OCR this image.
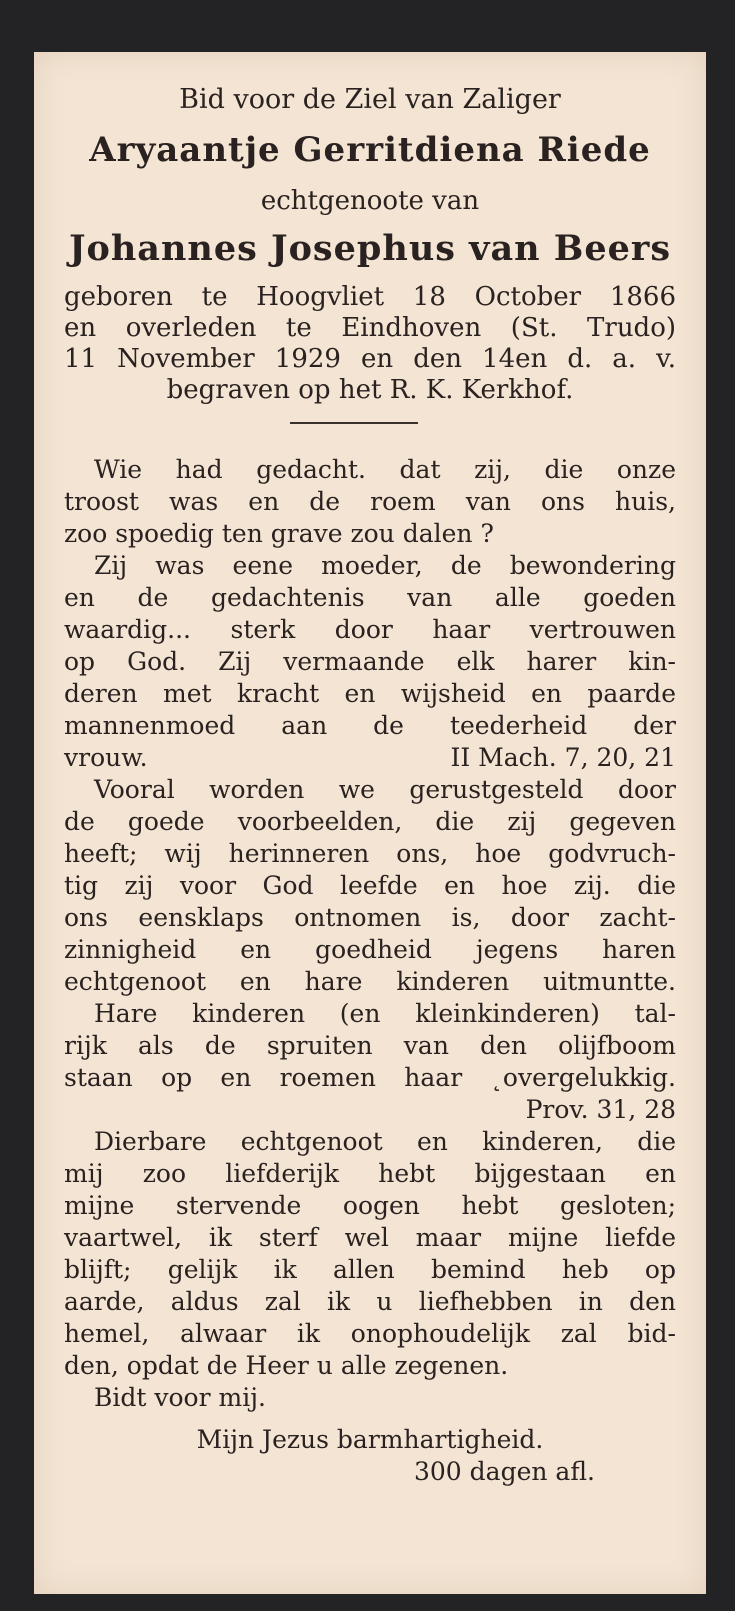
Bid voor de Ziel van Zaliger
Aryaantje Gerritdiena Riede
echtgenoote van
Johannes Josephus van Beers
geboren te Hoogvliet 18 October 1866
en overleden te Eindhoven (St. Trudo)
11 November 1929 en den 14en d. a. v.
begraven op het R. K. Kerkhof.
Wie had gedacht. dat zij, die onze
troost was en de roem van ons huis,
zoo spoedig ten grave zou dalen ?
Zij was eene moeder, de bewondering
en de gedachtenis van alle goeden
waardig... sterk door haar vertrouwen
op God. Zij vermaande elk harer kin-
deren met kracht en wijsheid en paarde
mannenmoed aan de teederheid der
vrouw.	II Mach. 7, 20, 21
Vooral worden we gerustgesteld door
de goede voorbeelden, die zij gegeven
heeft; wij herinneren ons, hoe godvruch-
tig zij voor God leefde en hoe zij. die
ons eensklaps ontnomen is, door zacht-
zinnigheid en goedheid jegens haren
echtgenoot en hare kinderen uitmuntte.
Hare kinderen (en kleinkinderen) tal-
rijk als de spruiten van den olijfboom
staan op en roemen haar ˛overgelukkig.
Prov. 31, 28
Dierbare echtgenoot en kinderen, die
mij zoo liefderijk hebt bijgestaan en
mijne stervende oogen hebt gesloten;
vaartwel, ik sterf wel maar mijne liefde
blijft; gelijk ik allen bemind heb op
aarde, aldus zal ik u liefhebben in den
hemel, alwaar ik onophoudelijk zal bid-
den, opdat de Heer u alle zegenen.
Bidt voor mij.
Mijn Jezus barmhartigheid.
300 dagen afl.
